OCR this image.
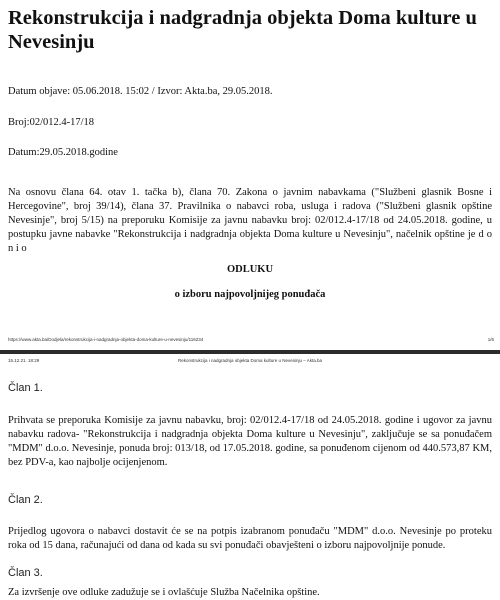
Rekonstrukcija i nadgradnja objekta Doma kulture u Nevesinju
Datum objave: 05.06.2018. 15:02 / Izvor: Akta.ba, 29.05.2018.
Broj:02/012.4-17/18
Datum:29.05.2018.godine

Na osnovu člana 64. otav 1. tačka b), člana 70. Zakona o javnim nabavkama ("Službeni glasnik Bosne i Hercegovine", broj 39/14), člana 37. Pravilnika o nabavci roba, usluga i radova ("Službeni glasnik opštine Nevesinje", broj 5/15) na preporuku Komisije za javnu nabavku broj: 02/012.4-17/18 od 24.05.2018. godine, u postupku javne nabavke "Rekonstrukcija i nadgradnja objekta Doma kulture u Nevesinju", načelnik opštine je d o n i o

ODLUKU
o izboru najpovoljnijeg ponuđača
https://www.akta.ba/Dodjela/rekonstrukcija-i-nadgradnja-objekta-doma-kulture-u-nevesinju/116234	1/6
15.12.21. 18:29	Rekonstrukcija i nadgradnja objekta Doma kulture u Nevesinju – Akta.ba
Član 1.

Prihvata se preporuka Komisije za javnu nabavku, broj: 02/012.4-17/18 od 24.05.2018. godine i ugovor za javnu nabavku radova- "Rekonstrukcija i nadgradnja objekta Doma kulture u Nevesinju", zaključuje se sa ponuđačem "MDM" d.o.o. Nevesinje, ponuda broj: 013/18, od 17.05.2018. godine, sa ponuđenom cijenom od 440.573,87 KM, bez PDV-a, kao najbolje ocijenjenom.

Član 2.

Prijedlog ugovora o nabavci dostavit će se na potpis izabranom ponuđaču "MDM" d.o.o. Nevesinje po proteku roka od 15 dana, računajući od dana od kada su svi ponuđači obavješteni o izboru najpovoljnije ponude.

Član 3.

Za izvršenje ove odluke zadužuje se i ovlašćuje Služba Načelnika opštine.
